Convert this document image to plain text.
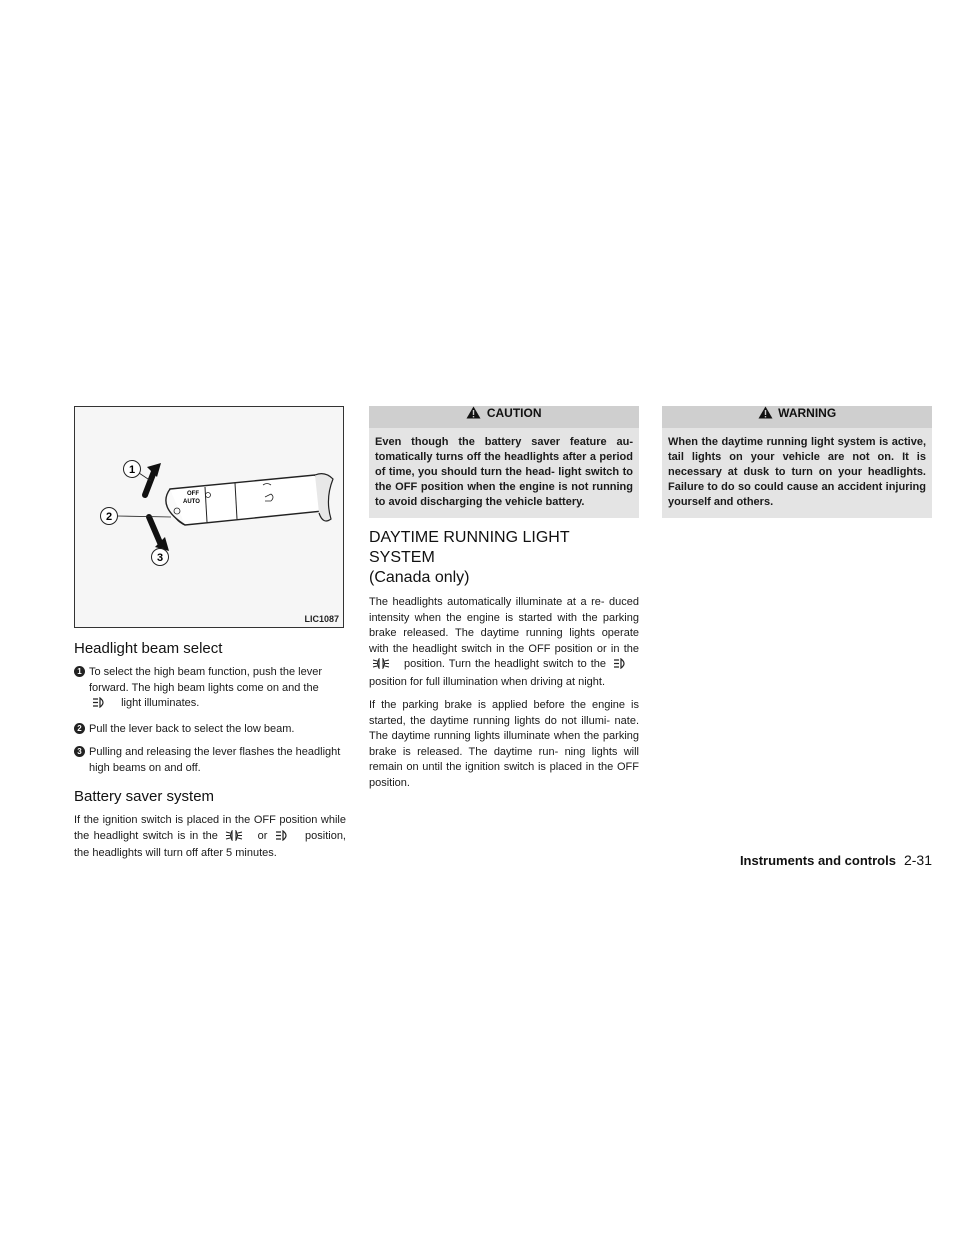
1
2
3
OFF
AUTO
LIC1087
Headlight beam select
1 To select the high beam function, push the lever forward. The high beam lights come on and the  light illuminates.
2 Pull the lever back to select the low beam.
3 Pulling and releasing the lever flashes the headlight high beams on and off.
Battery saver system

If the ignition switch is placed in the OFF position while the headlight switch is in the	or	position, the headlights will turn off after 5 minutes.

CAUTION
Even though the battery saver feature au- tomatically turns off the headlights after a period of time, you should turn the head- light switch to the OFF position when the engine is not running to avoid discharging the vehicle battery.
DAYTIME RUNNING LIGHT SYSTEM
(Canada only)

The headlights automatically illuminate at a re- duced intensity when the engine is started with the parking brake released. The daytime running lights operate with the headlight switch in the OFF position or in the  position. Turn the headlight switch to the  position for full illumination when driving at night.

If the parking brake is applied before the engine is started, the daytime running lights do not illumi- nate. The daytime running lights illuminate when the parking brake is released. The daytime run- ning lights will remain on until the ignition switch is placed in the OFF position.

WARNING
When the daytime running light system is active, tail lights on your vehicle are not on. It is necessary at dusk to turn on your headlights. Failure to do so could cause an accident injuring yourself and others.
Instruments and controls 2-31
